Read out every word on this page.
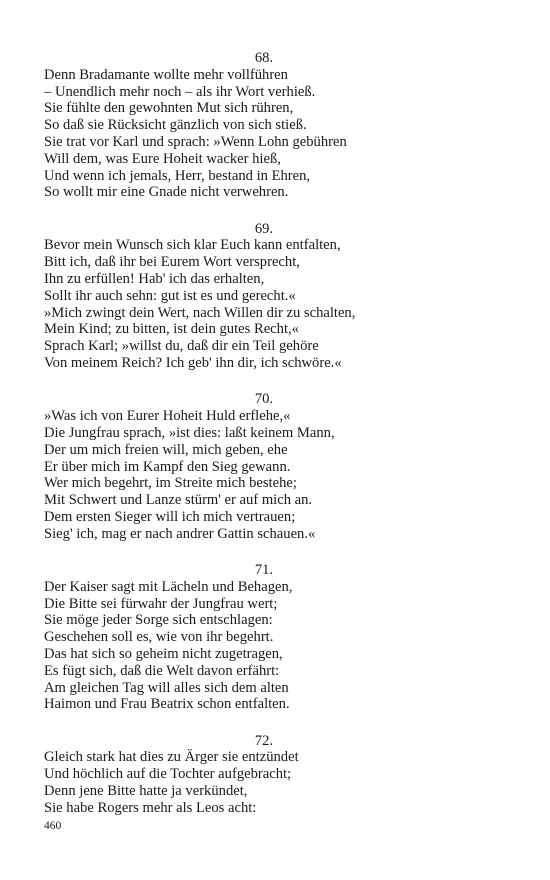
68.
Denn Bradamante wollte mehr vollführen
– Unendlich mehr noch – als ihr Wort verhieß.
Sie fühlte den gewohnten Mut sich rühren,
So daß sie Rücksicht gänzlich von sich stieß.
Sie trat vor Karl und sprach: »Wenn Lohn gebühren
Will dem, was Eure Hoheit wacker hieß,
Und wenn ich jemals, Herr, bestand in Ehren,
So wollt mir eine Gnade nicht verwehren.
69.
Bevor mein Wunsch sich klar Euch kann entfalten,
Bitt ich, daß ihr bei Eurem Wort versprecht,
Ihn zu erfüllen! Hab' ich das erhalten,
Sollt ihr auch sehn: gut ist es und gerecht.«
»Mich zwingt dein Wert, nach Willen dir zu schalten,
Mein Kind; zu bitten, ist dein gutes Recht,«
Sprach Karl; »willst du, daß dir ein Teil gehöre
Von meinem Reich? Ich geb' ihn dir, ich schwöre.«
70.
»Was ich von Eurer Hoheit Huld erflehe,«
Die Jungfrau sprach, »ist dies: laßt keinem Mann,
Der um mich freien will, mich geben, ehe
Er über mich im Kampf den Sieg gewann.
Wer mich begehrt, im Streite mich bestehe;
Mit Schwert und Lanze stürm' er auf mich an.
Dem ersten Sieger will ich mich vertrauen;
Sieg' ich, mag er nach andrer Gattin schauen.«
71.
Der Kaiser sagt mit Lächeln und Behagen,
Die Bitte sei fürwahr der Jungfrau wert;
Sie möge jeder Sorge sich entschlagen:
Geschehen soll es, wie von ihr begehrt.
Das hat sich so geheim nicht zugetragen,
Es fügt sich, daß die Welt davon erfährt:
Am gleichen Tag will alles sich dem alten
Haimon und Frau Beatrix schon entfalten.
72.
Gleich stark hat dies zu Ärger sie entzündet
Und höchlich auf die Tochter aufgebracht;
Denn jene Bitte hatte ja verkündet,
Sie habe Rogers mehr als Leos acht:
460
